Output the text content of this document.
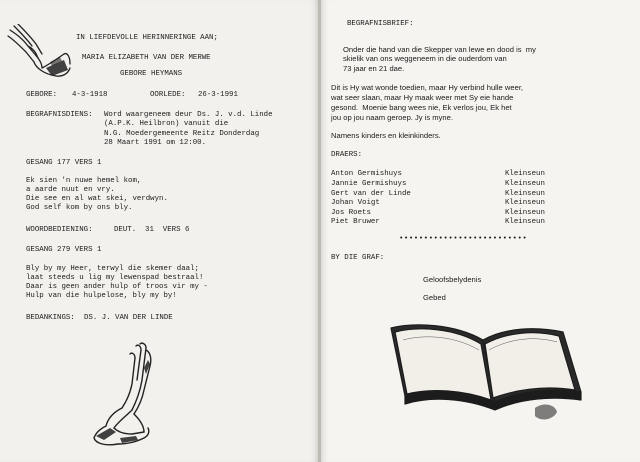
IN LIEFDEVOLLE HERINNERINGE AAN;
MARIA ELIZABETH VAN DER MERWE
GEBORE HEYMANS
GEBORE: 4-3-1918	OORLEDE: 26-3-1991
BEGRAFNISDIENS: Word waargeneem deur Ds. J. v.d. Linde
(A.P.K. Heilbron) vanuit die
N.G. Moedergemeente Reitz Donderdag
28 Maart 1991 om 12:00.
GESANG 177 VERS 1
Ek sien 'n nuwe hemel kom,
a aarde nuut en vry.
Die see en al wat skei, verdwyn.
God self kom by ons bly.
WOORDBEDIENING:	DEUT.  31  VERS 6
GESANG 279 VERS 1
Bly by my Heer, terwyl die skemer daal;
laat steeds u lig my lewenspad bestraal!
Daar is geen ander hulp of troos vir my -
Hulp van die hulpelose, bly my by!
BEDANKINGS: DS. J. VAN DER LINDE
BEGRAFNISBRIEF:
Onder die hand van die Skepper van lewe en dood is  my
skielik van ons weggeneem in die ouderdom van
73 jaar en 21 dae.
Dit is Hy wat wonde toedien, maar Hy verbind hulle weer,
wat seer slaan, maar Hy maak weer met Sy eie hande
gesond.  Moenie bang wees nie, Ek verlos jou, Ek het
jou op jou naam geroep. Jy is myne.
Namens kinders en kleinkinders.
DRAERS:
Anton Germishuys	Kleinseun
Jannie Germishuys	Kleinseun
Gert van der Linde	Kleinseun
Johan Voigt	Kleinseun
Jos Roets	Kleinseun
Piet Bruwer	Kleinseun
••••••••••••••••••••••••••
BY DIE GRAF:
Geloofsbelydenis
Gebed
